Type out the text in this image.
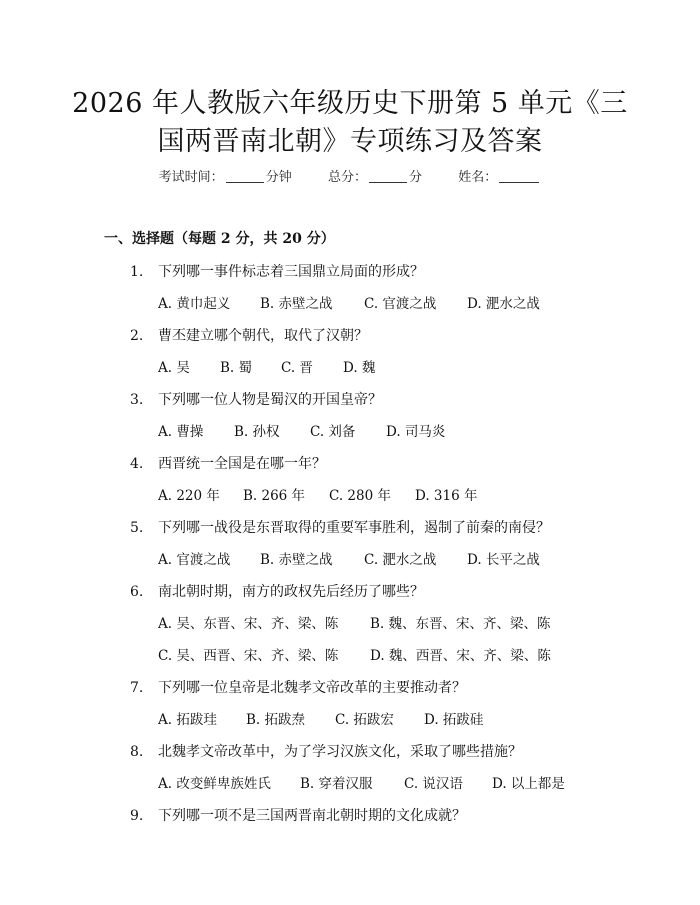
2026 年人教版六年级历史下册第 5 单元《三
国两晋南北朝》专项练习及答案
考试时间：	分钟	总分：	分	姓名：
一、选择题（每题 2 分，共 20 分）
1. 下列哪一事件标志着三国鼎立局面的形成？
A. 黄巾起义 B. 赤壁之战 C. 官渡之战 D. 淝水之战
2. 曹丕建立哪个朝代，取代了汉朝？
A. 吴 B. 蜀 C. 晋 D. 魏
3. 下列哪一位人物是蜀汉的开国皇帝？
A. 曹操 B. 孙权 C. 刘备 D. 司马炎
4. 西晋统一全国是在哪一年？
A. 220 年 B. 266 年 C. 280 年 D. 316 年
5. 下列哪一战役是东晋取得的重要军事胜利，遏制了前秦的南侵？
A. 官渡之战 B. 赤壁之战 C. 淝水之战 D. 长平之战
6. 南北朝时期，南方的政权先后经历了哪些？
A. 吴、东晋、宋、齐、梁、陈 B. 魏、东晋、宋、齐、梁、陈
C. 吴、西晋、宋、齐、梁、陈 D. 魏、西晋、宋、齐、梁、陈
7. 下列哪一位皇帝是北魏孝文帝改革的主要推动者？
A. 拓跋珪 B. 拓跋焘 C. 拓跋宏 D. 拓跋硅
8. 北魏孝文帝改革中，为了学习汉族文化，采取了哪些措施？
A. 改变鲜卑族姓氏 B. 穿着汉服 C. 说汉语 D. 以上都是
9. 下列哪一项不是三国两晋南北朝时期的文化成就？
